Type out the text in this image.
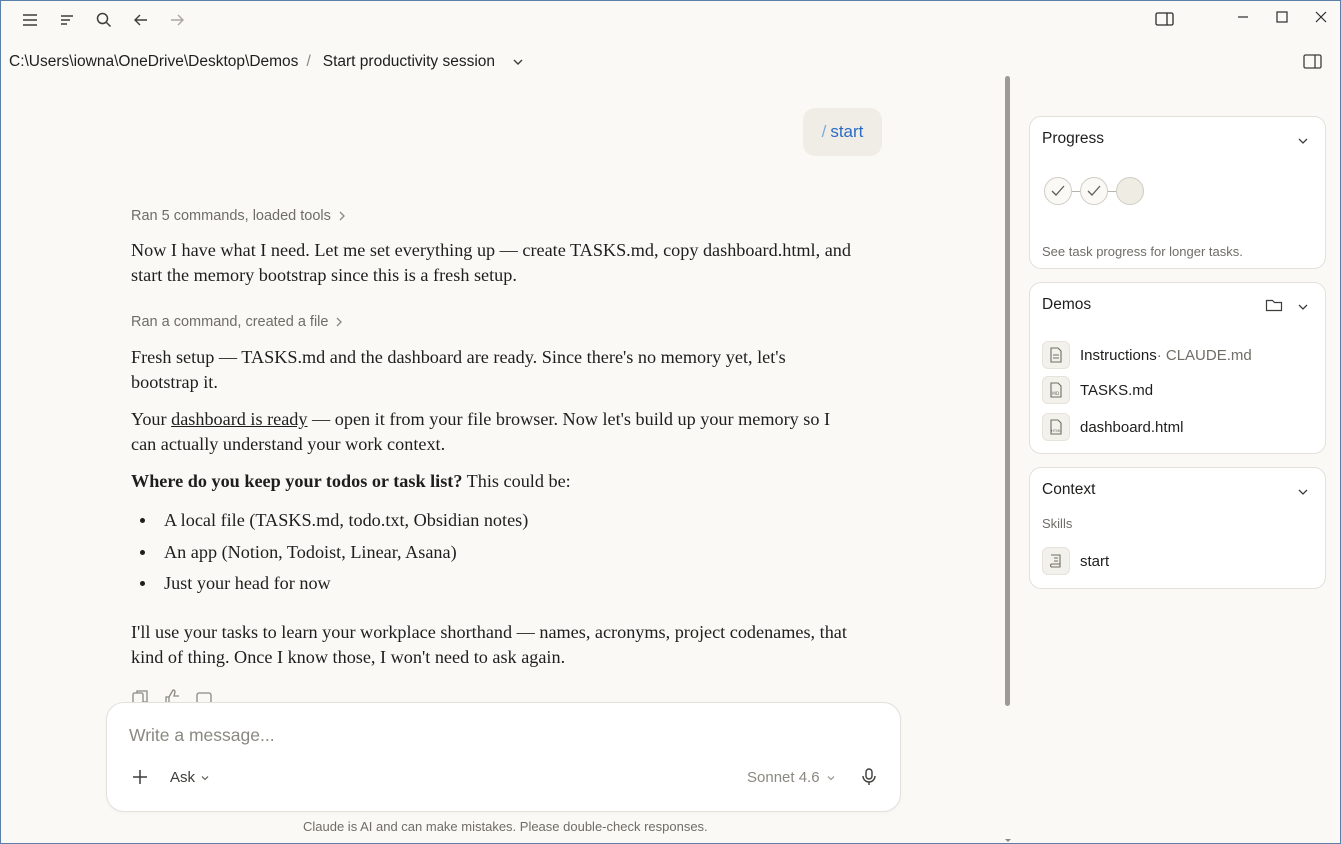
C:\Users\iowna\OneDrive\Desktop\Demos / Start productivity session
/ start
Ran 5 commands, loaded tools
Now I have what I need. Let me set everything up — create TASKS.md, copy dashboard.html, and start the memory bootstrap since this is a fresh setup.
Ran a command, created a file
Fresh setup — TASKS.md and the dashboard are ready. Since there's no memory yet, let's bootstrap it.
Your dashboard is ready — open it from your file browser. Now let's build up your memory so I can actually understand your work context.
Where do you keep your todos or task list? This could be:
A local file (TASKS.md, todo.txt, Obsidian notes)
An app (Notion, Todoist, Linear, Asana)
Just your head for now
I'll use your tasks to learn your workplace shorthand — names, acronyms, project codenames, that kind of thing. Once I know those, I won't need to ask again.
Write a message...
Ask	Sonnet 4.6
Claude is AI and can make mistakes. Please double-check responses.
Progress
See task progress for longer tasks.
Demos
Instructions · CLAUDE.md
MD TASKS.md
HTML dashboard.html
Context
Skills
start
